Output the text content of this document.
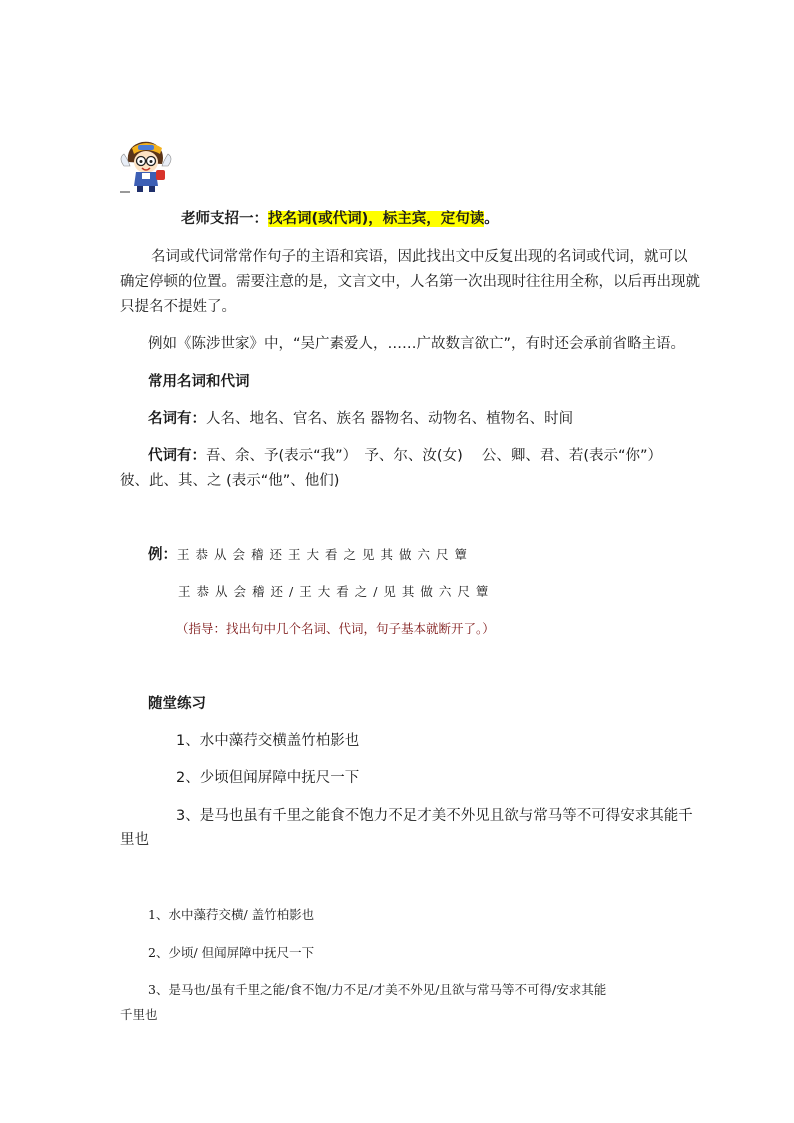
老师支招一：找名词(或代词)，标主宾，定句读。
名词或代词常常作句子的主语和宾语，因此找出文中反复出现的名词或代词，就可以
确定停顿的位置。需要注意的是，文言文中，人名第一次出现时往往用全称，以后再出现就
只提名不提姓了。
例如《陈涉世家》中，“吴广素爱人，……广故数言欲亡”，有时还会承前省略主语。
常用名词和代词
名词有：人名、地名、官名、族名 器物名、动物名、植物名、时间
代词有：吾、余、予(表示“我”）　予、尔、汝(女)　 公、卿、君、若(表示“你”）
彼、此、其、之 (表示“他”、他们)
例：王恭从会稽还王大看之见其做六尺簟
王恭从会稽还/王大看之/见其做六尺簟
（指导：找出句中几个名词、代词，句子基本就断开了。）
随堂练习
1、水中藻荇交横盖竹柏影也
2、少顷但闻屏障中抚尺一下
3、是马也虽有千里之能食不饱力不足才美不外见且欲与常马等不可得安求其能千
里也
1、水中藻荇交横/ 盖竹柏影也
2、少顷/ 但闻屏障中抚尺一下
3、是马也/虽有千里之能/食不饱/力不足/才美不外见/且欲与常马等不可得/安求其能
千里也
